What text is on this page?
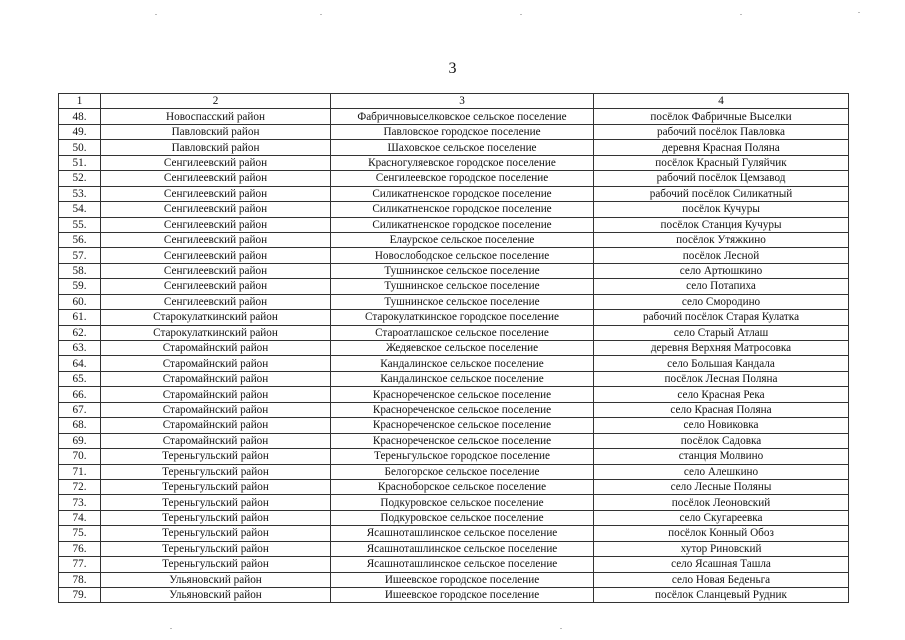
3
1	2	3	4
48.	Новоспасский район	Фабричновыселковское сельское поселение	посёлок Фабричные Выселки
49.	Павловский район	Павловское городское поселение	рабочий посёлок Павловка
50.	Павловский район	Шаховское сельское поселение	деревня Красная Поляна
51.	Сенгилеевский район	Красногуляевское городское поселение	посёлок Красный Гуляйчик
52.	Сенгилеевский район	Сенгилеевское городское поселение	рабочий посёлок Цемзавод
53.	Сенгилеевский район	Силикатненское городское поселение	рабочий посёлок Силикатный
54.	Сенгилеевский район	Силикатненское городское поселение	посёлок Кучуры
55.	Сенгилеевский район	Силикатненское городское поселение	посёлок Станция Кучуры
56.	Сенгилеевский район	Елаурское сельское поселение	посёлок Утяжкино
57.	Сенгилеевский район	Новослободское сельское поселение	посёлок Лесной
58.	Сенгилеевский район	Тушнинское сельское поселение	село Артюшкино
59.	Сенгилеевский район	Тушнинское сельское поселение	село Потапиха
60.	Сенгилеевский район	Тушнинское сельское поселение	село Смородино
61.	Старокулаткинский район	Старокулаткинское городское поселение	рабочий посёлок Старая Кулатка
62.	Старокулаткинский район	Староатлашское сельское поселение	село Старый Атлаш
63.	Старомайнский район	Жедяевское сельское поселение	деревня Верхняя Матросовка
64.	Старомайнский район	Кандалинское сельское поселение	село Большая Кандала
65.	Старомайнский район	Кандалинское сельское поселение	посёлок Лесная Поляна
66.	Старомайнский район	Краснореченское сельское поселение	село Красная Река
67.	Старомайнский район	Краснореченское сельское поселение	село Красная Поляна
68.	Старомайнский район	Краснореченское сельское поселение	село Новиковка
69.	Старомайнский район	Краснореченское сельское поселение	посёлок Садовка
70.	Тереньгульский район	Тереньгульское городское поселение	станция Молвино
71.	Тереньгульский район	Белогорское сельское поселение	село Алешкино
72.	Тереньгульский район	Красноборское сельское поселение	село Лесные Поляны
73.	Тереньгульский район	Подкуровское сельское поселение	посёлок Леоновский
74.	Тереньгульский район	Подкуровское сельское поселение	село Скугареевка
75.	Тереньгульский район	Ясашноташлинское сельское поселение	посёлок Конный Обоз
76.	Тереньгульский район	Ясашноташлинское сельское поселение	хутор Риновский
77.	Тереньгульский район	Ясашноташлинское сельское поселение	село Ясашная Ташла
78.	Ульяновский район	Ишеевское городское поселение	село Новая Беденьга
79.	Ульяновский район	Ишеевское городское поселение	посёлок Сланцевый Рудник
